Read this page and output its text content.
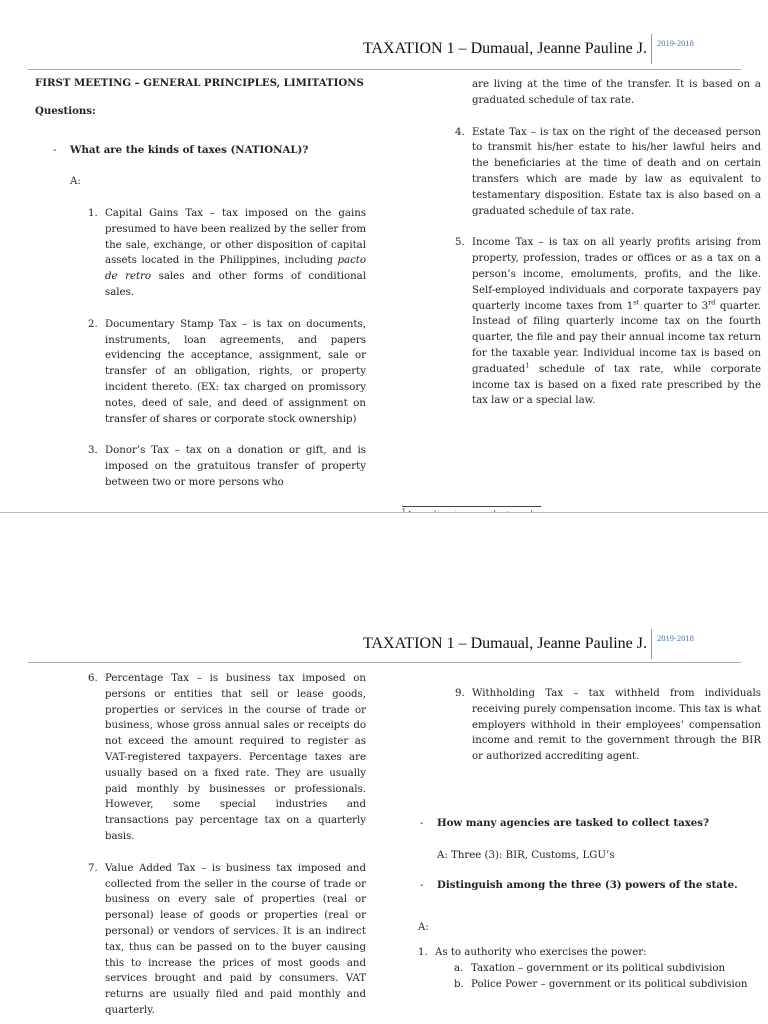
TAXATION 1 – Dumaual, Jeanne Pauline J. 2019-2018

FIRST MEETING – GENERAL PRINCIPLES, LIMITATIONS

Questions:

- What are the kinds of taxes (NATIONAL)?

A:

1. Capital Gains Tax – tax imposed on the gains presumed to have been realized by the seller from the sale, exchange, or other disposition of capital assets located in the Philippines, including pacto de retro sales and other forms of conditional sales.

2. Documentary Stamp Tax – is tax on documents, instruments, loan agreements, and papers evidencing the acceptance, assignment, sale or transfer of an obligation, rights, or property incident thereto. (EX: tax charged on promissory notes, deed of sale, and deed of assignment on transfer of shares or corporate stock ownership)

3. Donor’s Tax – tax on a donation or gift, and is imposed on the gratuitous transfer of property between two or more persons who

are living at the time of the transfer. It is based on a graduated schedule of tax rate.

4. Estate Tax – is tax on the right of the deceased person to transmit his/her estate to his/her lawful heirs and the beneficiaries at the time of death and on certain transfers which are made by law as equivalent to testamentary disposition. Estate tax is also based on a graduated schedule of tax rate.

5. Income Tax – is tax on all yearly profits arising from property, profession, trades or offices or as a tax on a person’s income, emoluments, profits, and the like. Self-employed individuals and corporate taxpayers pay quarterly income taxes from 1st quarter to 3rd quarter. Instead of filing quarterly income tax on the fourth quarter, the file and pay their annual income tax return for the taxable year. Individual income tax is based on graduated$^1$ schedule of tax rate, while corporate income tax is based on a fixed rate prescribed by the tax law or a special law.

TAXATION 1 – Dumaual, Jeanne Pauline J. 2019-2018
6. Percentage Tax – is business tax imposed on persons or entities that sell or lease goods, properties or services in the course of trade or business, whose gross annual sales or receipts do not exceed the amount required to register as VAT-registered taxpayers. Percentage taxes are usually based on a fixed rate. They are usually paid monthly by businesses or professionals. However, some special industries and transactions pay percentage tax on a quarterly basis.

7. Value Added Tax – is business tax imposed and collected from the seller in the course of trade or business on every sale of properties (real or personal) lease of goods or properties (real or personal) or vendors of services. It is an indirect tax, thus can be passed on to the buyer causing this to increase the prices of most goods and services brought and paid by consumers. VAT returns are usually filed and paid monthly and quarterly.

9. Withholding Tax – tax withheld from individuals receiving purely compensation income. This tax is what employers withhold in their employees’ compensation income and remit to the government through the BIR or authorized accrediting agent.

- How many agencies are tasked to collect taxes?

A: Three (3): BIR, Customs, LGU’s

- Distinguish among the three (3) powers of the state.

A:

1. As to authority who exercises the power:

a. Taxation – government or its political subdivision

b. Police Power – government or its political subdivision
